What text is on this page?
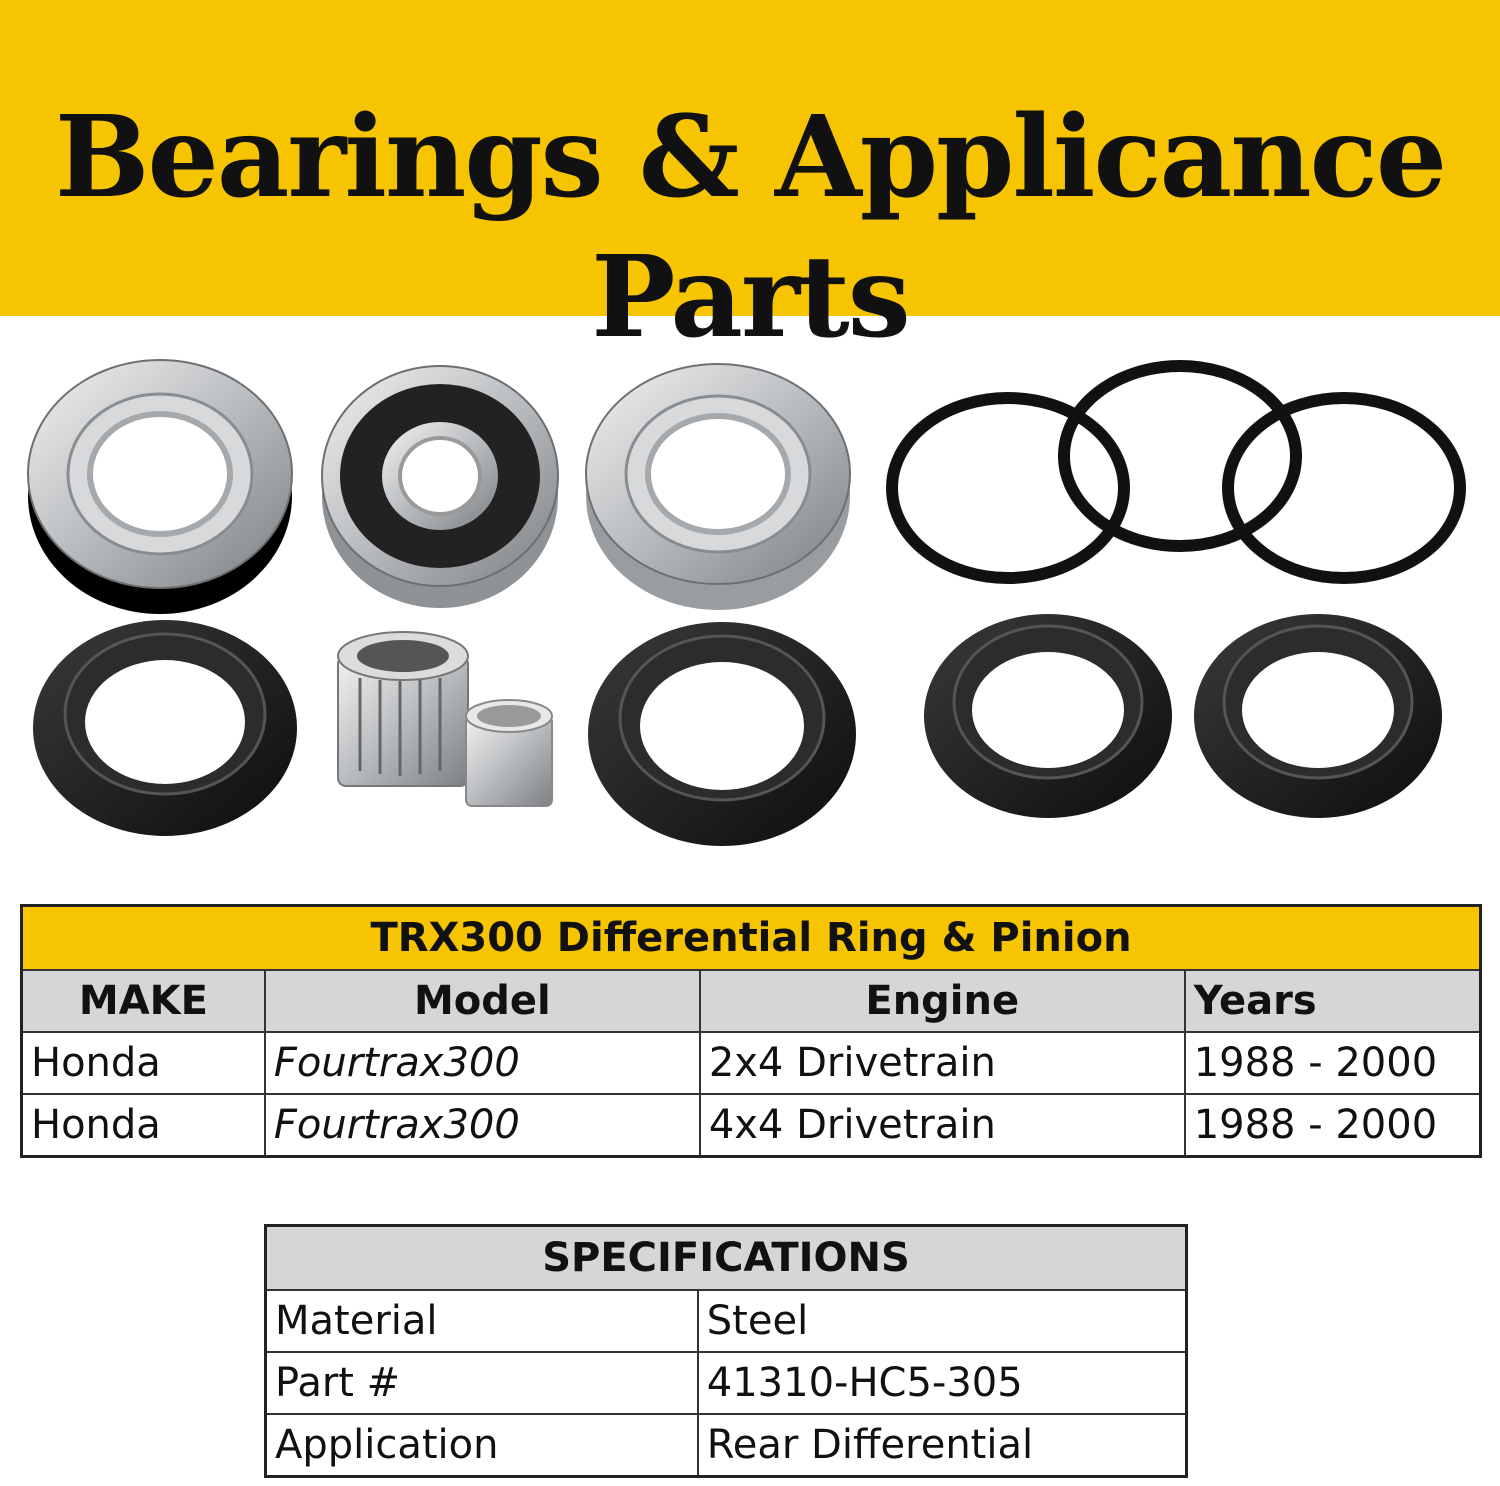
Bearings & Applicance Parts
TRX300 Differential Ring & Pinion			
MAKE	Model	Engine	Years
Honda	Fourtrax300	2x4 Drivetrain	1988 - 2000
Honda	Fourtrax300	4x4 Drivetrain	1988 - 2000
SPECIFICATIONS	
Material	Steel
Part #	41310-HC5-305
Application	Rear Differential
